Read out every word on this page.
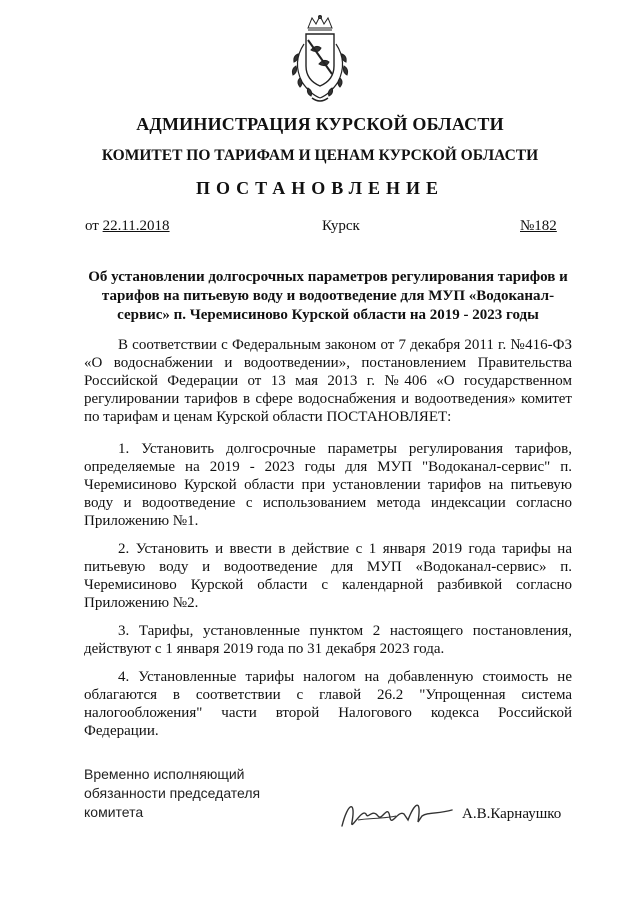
АДМИНИСТРАЦИЯ КУРСКОЙ ОБЛАСТИ
КОМИТЕТ ПО ТАРИФАМ И ЦЕНАМ КУРСКОЙ ОБЛАСТИ
ПОСТАНОВЛЕНИЕ
от 22.11.2018	Курск	№182
Об установлении долгосрочных параметров регулирования тарифов и тарифов на питьевую воду и водоотведение для МУП «Водоканал-сервис» п. Черемисиново Курской области на 2019 - 2023 годы

В соответствии с Федеральным законом от 7 декабря 2011 г. №416-ФЗ «О водоснабжении и водоотведении», постановлением Правительства Российской Федерации от 13 мая 2013 г. №406 «О государственном регулировании тарифов в сфере водоснабжения и водоотведения» комитет по тарифам и ценам Курской области ПОСТАНОВЛЯЕТ:

1. Установить долгосрочные параметры регулирования тарифов, определяемые на 2019 - 2023 годы для МУП "Водоканал-сервис" п. Черемисиново Курской области при установлении тарифов на питьевую воду и водоотведение с использованием метода индексации согласно Приложению №1.

2. Установить и ввести в действие с 1 января 2019 года тарифы на питьевую воду и водоотведение для МУП «Водоканал-сервис» п. Черемисиново Курской области с календарной разбивкой согласно Приложению №2.

3. Тарифы, установленные пунктом 2 настоящего постановления, действуют с 1 января 2019 года по 31 декабря 2023 года.

4. Установленные тарифы налогом на добавленную стоимость не облагаются в соответствии с главой 26.2 "Упрощенная система налогообложения" части второй Налогового кодекса Российской Федерации.

Временно исполняющий
обязанности председателя
комитета	А.В.Карнаушко
